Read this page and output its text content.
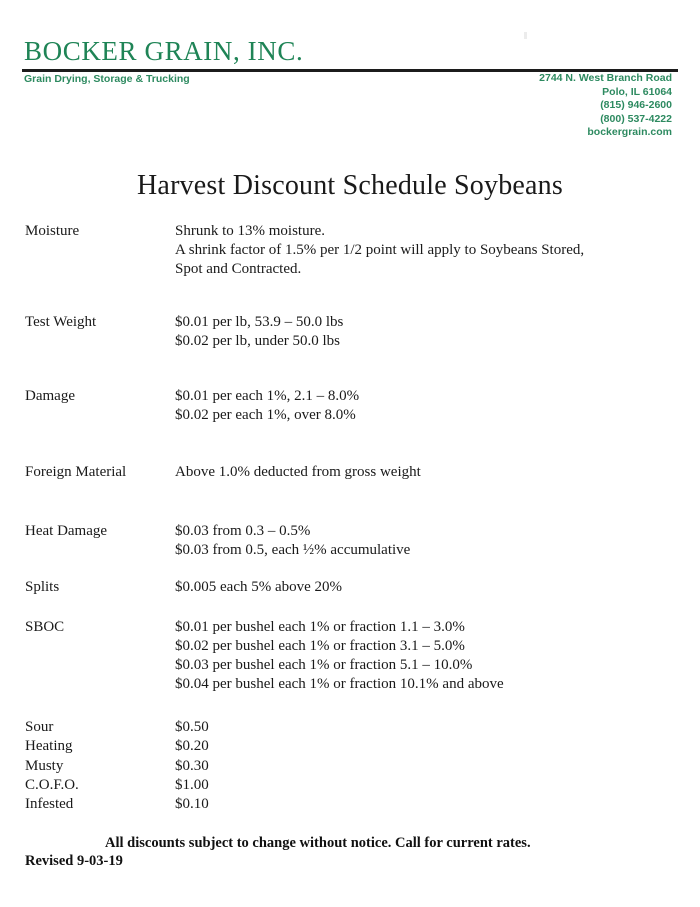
BOCKER GRAIN, INC.
Grain Drying, Storage & Trucking	2744 N. West Branch Road
Polo, IL 61064
(815) 946-2600
(800) 537-4222
bockergrain.com
Harvest Discount Schedule Soybeans
Moisture	Shrunk to 13% moisture.
A shrink factor of 1.5% per 1/2 point will apply to Soybeans Stored,
Spot and Contracted.
Test Weight	$0.01 per lb, 53.9 – 50.0 lbs
$0.02 per lb, under 50.0 lbs
Damage	$0.01 per each 1%, 2.1 – 8.0%
$0.02 per each 1%, over 8.0%
Foreign Material	Above 1.0% deducted from gross weight
Heat Damage	$0.03 from 0.3 – 0.5%
$0.03 from 0.5, each ½% accumulative
Splits	$0.005 each 5% above 20%
SBOC	$0.01 per bushel each 1% or fraction 1.1 – 3.0%
$0.02 per bushel each 1% or fraction 3.1 – 5.0%
$0.03 per bushel each 1% or fraction 5.1 – 10.0%
$0.04 per bushel each 1% or fraction 10.1% and above
Sour	$0.50
Heating	$0.20
Musty	$0.30
C.O.F.O.	$1.00
Infested	$0.10
All discounts subject to change without notice. Call for current rates.
Revised 9-03-19
